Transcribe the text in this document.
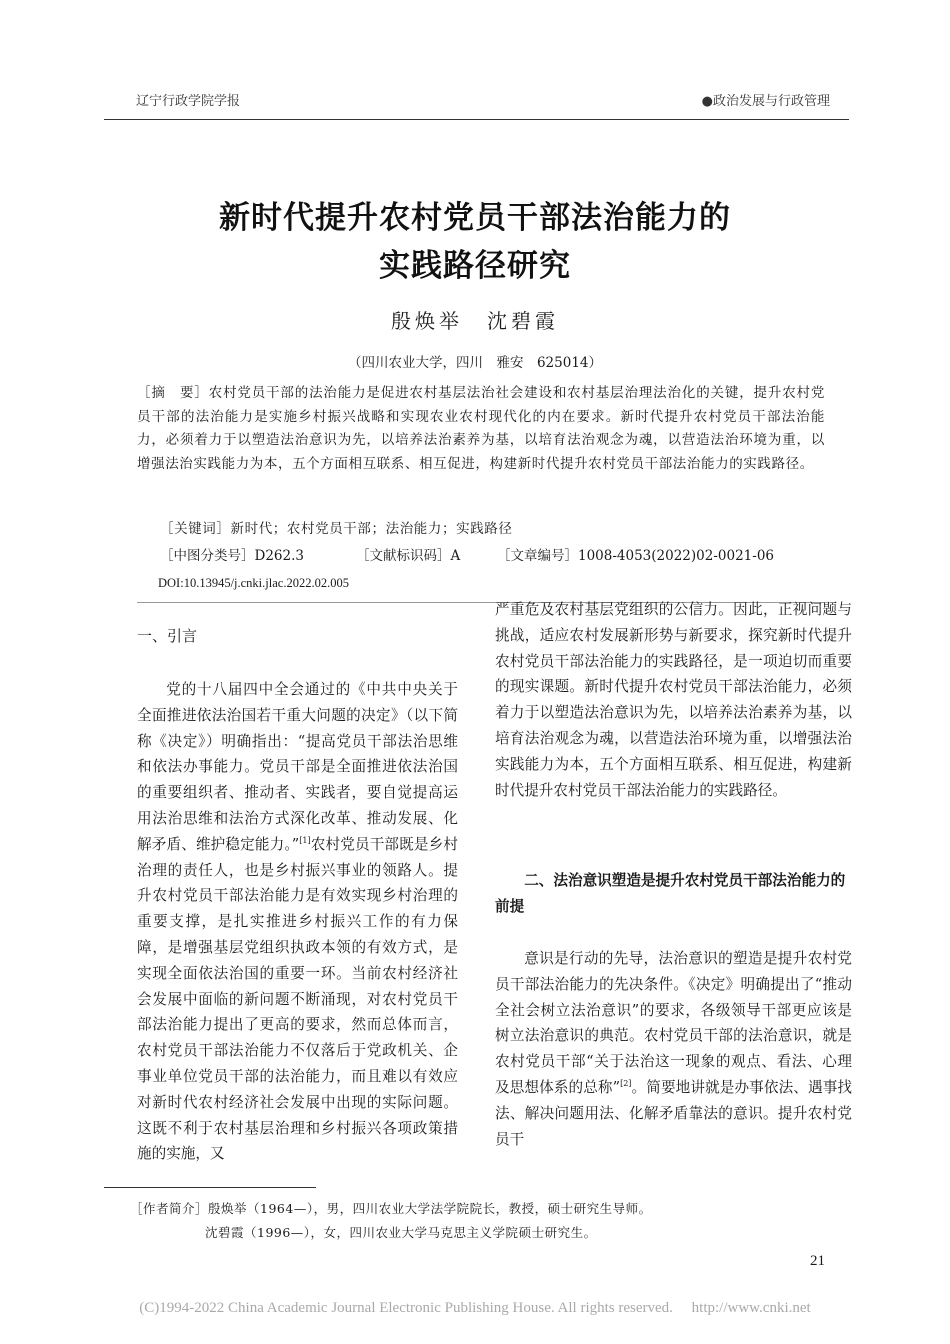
辽宁行政学院学报	●政治发展与行政管理
新时代提升农村党员干部法治能力的
实践路径研究
殷焕举　沈碧霞
（四川农业大学，四川　雅安　625014）
［摘　要］农村党员干部的法治能力是促进农村基层法治社会建设和农村基层治理法治化的关键，提升农村党员干部的法治能力是实施乡村振兴战略和实现农业农村现代化的内在要求。新时代提升农村党员干部法治能力，必须着力于以塑造法治意识为先，以培养法治素养为基，以培育法治观念为魂，以营造法治环境为重，以增强法治实践能力为本，五个方面相互联系、相互促进，构建新时代提升农村党员干部法治能力的实践路径。
［关键词］新时代；农村党员干部；法治能力；实践路径
［中图分类号］D262.3	［文献标识码］A	［文章编号］1008-4053(2022)02-0021-06
DOI:10.13945/j.cnki.jlac.2022.02.005
一、引言
党的十八届四中全会通过的《中共中央关于全面推进依法治国若干重大问题的决定》（以下简称《决定》）明确指出：“提高党员干部法治思维和依法办事能力。党员干部是全面推进依法治国的重要组织者、推动者、实践者，要自觉提高运用法治思维和法治方式深化改革、推动发展、化解矛盾、维护稳定能力。”[1]农村党员干部既是乡村治理的责任人，也是乡村振兴事业的领路人。提升农村党员干部法治能力是有效实现乡村治理的重要支撑，是扎实推进乡村振兴工作的有力保障，是增强基层党组织执政本领的有效方式，是实现全面依法治国的重要一环。当前农村经济社会发展中面临的新问题不断涌现，对农村党员干部法治能力提出了更高的要求，然而总体而言，农村党员干部法治能力不仅落后于党政机关、企事业单位党员干部的法治能力，而且难以有效应对新时代农村经济社会发展中出现的实际问题。这既不利于农村基层治理和乡村振兴各项政策措施的实施，又
严重危及农村基层党组织的公信力。因此，正视问题与挑战，适应农村发展新形势与新要求，探究新时代提升农村党员干部法治能力的实践路径，是一项迫切而重要的现实课题。新时代提升农村党员干部法治能力，必须着力于以塑造法治意识为先，以培养法治素养为基，以培育法治观念为魂，以营造法治环境为重，以增强法治实践能力为本，五个方面相互联系、相互促进，构建新时代提升农村党员干部法治能力的实践路径。
二、法治意识塑造是提升农村党员干部法治能力的前提
意识是行动的先导，法治意识的塑造是提升农村党员干部法治能力的先决条件。《决定》明确提出了“推动全社会树立法治意识”的要求，各级领导干部更应该是树立法治意识的典范。农村党员干部的法治意识，就是农村党员干部“关于法治这一现象的观点、看法、心理及思想体系的总称”[2]。简要地讲就是办事依法、遇事找法、解决问题用法、化解矛盾靠法的意识。提升农村党员干
［作者简介］殷焕举（1964—），男，四川农业大学法学院院长，教授，硕士研究生导师。
沈碧霞（1996—），女，四川农业大学马克思主义学院硕士研究生。
21
(C)1994-2022 China Academic Journal Electronic Publishing House. All rights reserved.　 http://www.cnki.net
